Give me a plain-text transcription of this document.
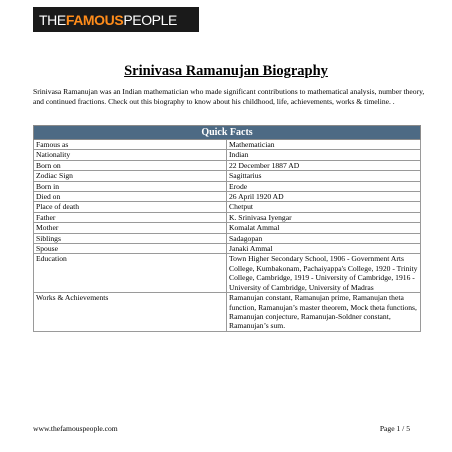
THE FAMOUS PEOPLE
Srinivasa Ramanujan Biography

Srinivasa Ramanujan was an Indian mathematician who made significant contributions to mathematical analysis, number theory, and continued fractions. Check out this biography to know about his childhood, life, achievements, works & timeline. .

Quick Facts	
Famous as	Mathematician
Nationality	Indian
Born on	22 December 1887 AD
Zodiac Sign	Sagittarius
Born in	Erode
Died on	26 April 1920 AD
Place of death	Chetput
Father	K. Srinivasa Iyengar
Mother	Komalat Ammal
Siblings	Sadagopan
Spouse	Janaki Ammal
Education	Town Higher Secondary School, 1906 - Government Arts College, Kumbakonam, Pachaiyappa's College, 1920 - Trinity College, Cambridge, 1919 - University of Cambridge, 1916 - University of Cambridge, University of Madras
Works & Achievements	Ramanujan constant, Ramanujan prime, Ramanujan theta function, Ramanujan’s master theorem, Mock theta functions, Ramanujan conjecture, Ramanujan-Soldner constant, Ramanujan’s sum.
www.thefamouspeople.com	Page 1 / 5
